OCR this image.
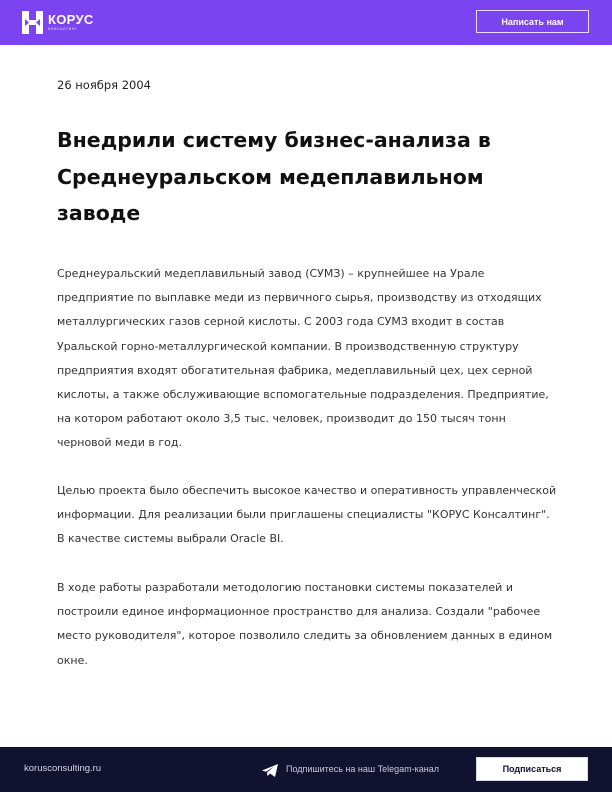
КОРУС
КОНСАЛТИНГ
Написать нам
26 ноября 2004
Внедрили систему бизнес-анализа в Среднеуральском медеплавильном заводе

Среднеуральский медеплавильный завод (СУМЗ) – крупнейшее на Урале предприятие по выплавке меди из первичного сырья, производству из отходящих металлургических газов серной кислоты. С 2003 года СУМЗ входит в состав Уральской горно-металлургической компании. В производственную структуру предприятия входят обогатительная фабрика, медеплавильный цех, цех серной кислоты, а также обслуживающие вспомогательные подразделения. Предприятие, на котором работают около 3,5 тыс. человек, производит до 150 тысяч тонн черновой меди в год.

Целью проекта было обеспечить высокое качество и оперативность управленческой информации. Для реализации были приглашены специалисты "КОРУС Консалтинг". В качестве системы выбрали Oracle BI.

В ходе работы разработали методологию постановки системы показателей и построили единое информационное пространство для анализа. Создали "рабочее место руководителя", которое позволило следить за обновлением данных в едином окне.

korusconsulting.ru	Подпишитесь на наш Telegam-канал	Подписаться
